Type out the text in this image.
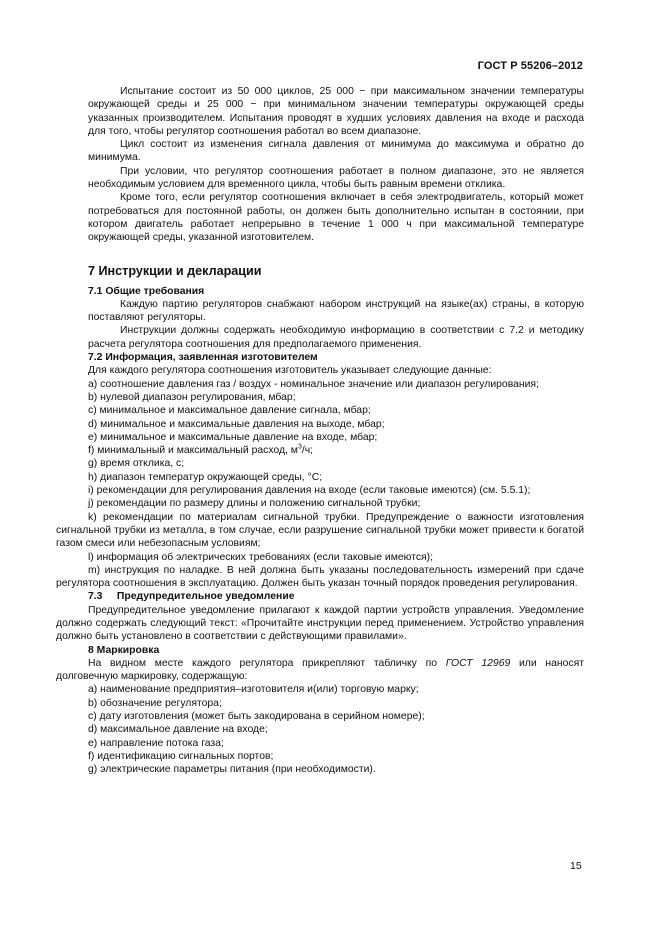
ГОСТ Р 55206–2012

Испытание состоит из 50 000 циклов, 25 000 − при максимальном значении температуры окружающей среды и 25 000 − при минимальном значении температуры окружающей среды указанных производителем. Испытания проводят в худших условиях давления на входе и расхода для того, чтобы регулятор соотношения работал во всем диапазоне.

Цикл состоит из изменения сигнала давления от минимума до максимума и обратно до минимума.

При условии, что регулятор соотношения работает в полном диапазоне, это не является необходимым условием для временного цикла, чтобы быть равным времени отклика.

Кроме того, если регулятор соотношения включает в себя электродвигатель, который может потребоваться для постоянной работы, он должен быть дополнительно испытан в состоянии, при котором двигатель работает непрерывно в течение 1 000 ч при максимальной температуре окружающей среды, указанной изготовителем.

7 Инструкции и декларации

7.1 Общие требования

Каждую партию регуляторов снабжают набором инструкций на языке(ах) страны, в которую поставляют регуляторы.

Инструкции должны содержать необходимую информацию в соответствии с 7.2 и методику расчета регулятора соотношения для предполагаемого применения.

7.2 Информация, заявленная изготовителем

Для каждого регулятора соотношения изготовитель указывает следующие данные:

a) соотношение давления газ / воздух - номинальное значение или диапазон регулирования;

b) нулевой диапазон регулирования, мбар;

c) минимальное и максимальное давление сигнала, мбар;

d) минимальное и максимальные давления на выходе, мбар;

e) минимальное и максимальные давление на входе, мбар;

f) минимальный и максимальный расход, $м^3/ч$;

g) время отклика, с;

h) диапазон температур окружающей среды, °С;

i) рекомендации для регулирования давления на входе (если таковые имеются) (см. 5.5.1);

j) рекомендации по размеру длины и положению сигнальной трубки;

k) рекомендации по материалам сигнальной трубки. Предупреждение о важности изготовления сигнальной трубки из металла, в том случае, если разрушение сигнальной трубки может привести к богатой газом смеси или небезопасным условиям;

l) информация об электрических требованиях (если таковые имеются);

m) инструкция по наладке. В ней должна быть указаны последовательность измерений при сдаче регулятора соотношения в эксплуатацию. Должен быть указан точный порядок проведения регулирования.

7.3     Предупредительное уведомление

Предупредительное уведомление прилагают к каждой партии устройств управления. Уведомление должно содержать следующий текст: «Прочитайте инструкции перед применением. Устройство управления должно быть установлено в соответствии с действующими правилами».

8 Маркировка

На видном месте каждого регулятора прикрепляют табличку по ГОСТ 12969 или наносят долговечную маркировку, содержащую:

a) наименование предприятия–изготовителя и(или) торговую марку;

b) обозначение регулятора;

c) дату изготовления (может быть закодирована в серийном номере);

d) максимальное давление на входе;

e) направление потока газа;

f) идентификацию сигнальных портов;

g) электрические параметры питания (при необходимости).

15
